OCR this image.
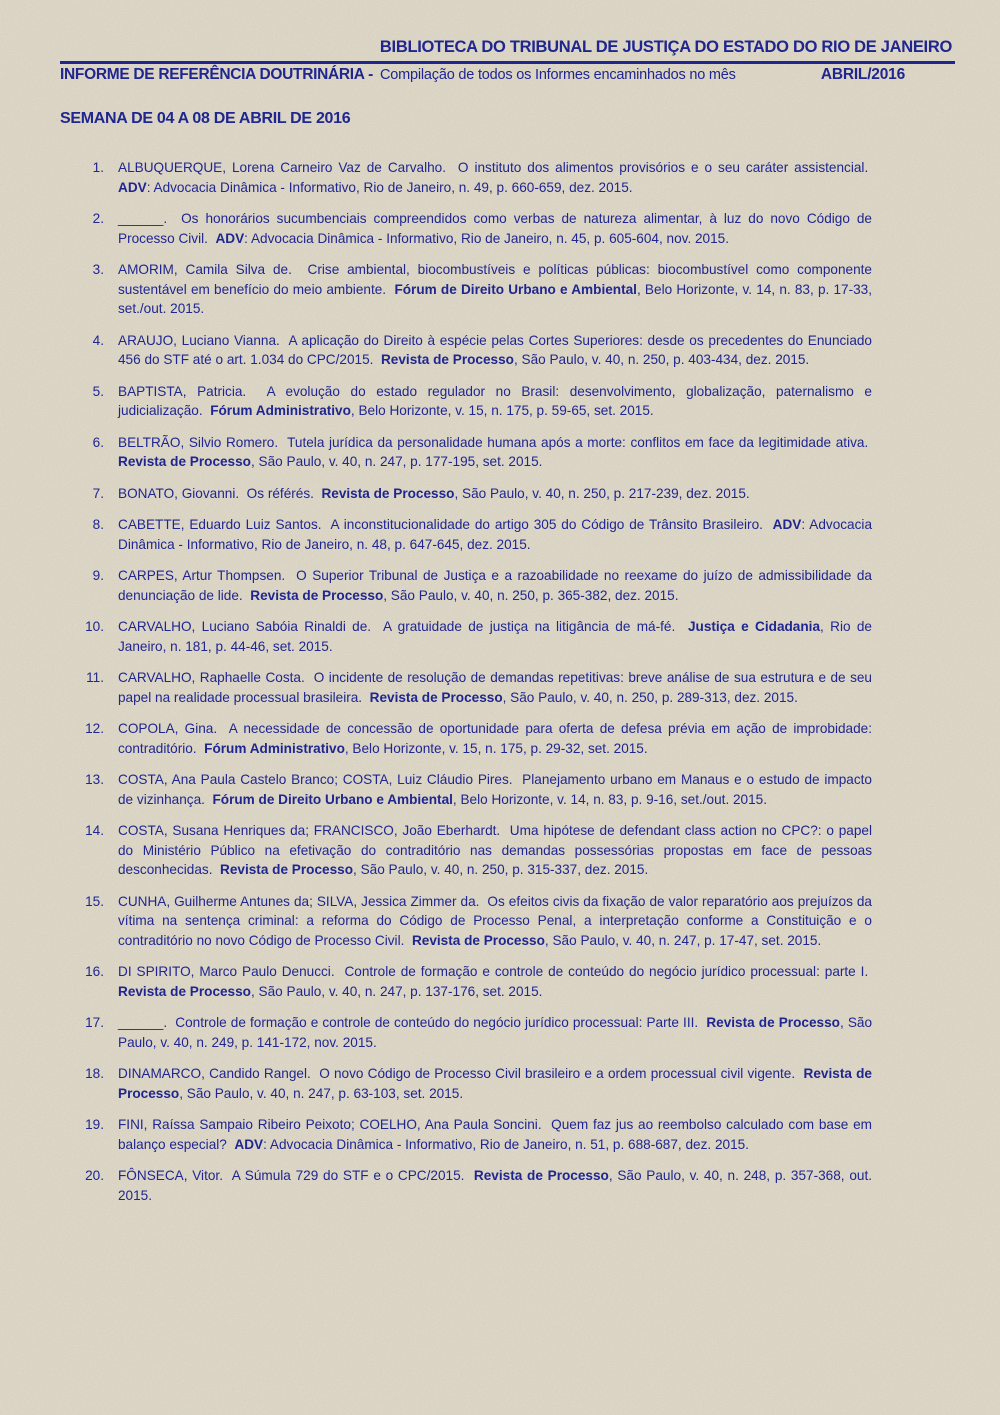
BIBLIOTECA DO TRIBUNAL DE JUSTIÇA DO ESTADO DO RIO DE JANEIRO
INFORME DE REFERÊNCIA DOUTRINÁRIA - Compilação de todos os Informes encaminhados no mês	ABRIL/2016
SEMANA DE 04 A 08 DE ABRIL DE 2016
1. ALBUQUERQUE, Lorena Carneiro Vaz de Carvalho.  O instituto dos alimentos provisórios e o seu caráter assistencial.  ADV: Advocacia Dinâmica - Informativo, Rio de Janeiro, n. 49, p. 660-659, dez. 2015.

2. ______.  Os honorários sucumbenciais compreendidos como verbas de natureza alimentar, à luz do novo Código de Processo Civil.  ADV: Advocacia Dinâmica - Informativo, Rio de Janeiro, n. 45, p. 605-604, nov. 2015.

3. AMORIM, Camila Silva de.  Crise ambiental, biocombustíveis e políticas públicas: biocombustível como componente sustentável em benefício do meio ambiente.  Fórum de Direito Urbano e Ambiental, Belo Horizonte, v. 14, n. 83, p. 17-33, set./out. 2015.

4. ARAUJO, Luciano Vianna.  A aplicação do Direito à espécie pelas Cortes Superiores: desde os precedentes do Enunciado 456 do STF até o art. 1.034 do CPC/2015.  Revista de Processo, São Paulo, v. 40, n. 250, p. 403-434, dez. 2015.

5. BAPTISTA, Patricia.  A evolução do estado regulador no Brasil: desenvolvimento, globalização, paternalismo e judicialização.  Fórum Administrativo, Belo Horizonte, v. 15, n. 175, p. 59-65, set. 2015.

6. BELTRÃO, Silvio Romero.  Tutela jurídica da personalidade humana após a morte: conflitos em face da legitimidade ativa.  Revista de Processo, São Paulo, v. 40, n. 247, p. 177-195, set. 2015.

7. BONATO, Giovanni.  Os référés.  Revista de Processo, São Paulo, v. 40, n. 250, p. 217-239, dez. 2015.

8. CABETTE, Eduardo Luiz Santos.  A inconstitucionalidade do artigo 305 do Código de Trânsito Brasileiro.  ADV: Advocacia Dinâmica - Informativo, Rio de Janeiro, n. 48, p. 647-645, dez. 2015.

9. CARPES, Artur Thompsen.  O Superior Tribunal de Justiça e a razoabilidade no reexame do juízo de admissibilidade da denunciação de lide.  Revista de Processo, São Paulo, v. 40, n. 250, p. 365-382, dez. 2015.

10. CARVALHO, Luciano Sabóia Rinaldi de.  A gratuidade de justiça na litigância de má-fé.  Justiça e Cidadania, Rio de Janeiro, n. 181, p. 44-46, set. 2015.

11. CARVALHO, Raphaelle Costa.  O incidente de resolução de demandas repetitivas: breve análise de sua estrutura e de seu papel na realidade processual brasileira.  Revista de Processo, São Paulo, v. 40, n. 250, p. 289-313, dez. 2015.

12. COPOLA, Gina.  A necessidade de concessão de oportunidade para oferta de defesa prévia em ação de improbidade: contraditório.  Fórum Administrativo, Belo Horizonte, v. 15, n. 175, p. 29-32, set. 2015.

13. COSTA, Ana Paula Castelo Branco; COSTA, Luiz Cláudio Pires.  Planejamento urbano em Manaus e o estudo de impacto de vizinhança.  Fórum de Direito Urbano e Ambiental, Belo Horizonte, v. 14, n. 83, p. 9-16, set./out. 2015.

14. COSTA, Susana Henriques da; FRANCISCO, João Eberhardt.  Uma hipótese de defendant class action no CPC?: o papel do Ministério Público na efetivação do contraditório nas demandas possessórias propostas em face de pessoas desconhecidas.  Revista de Processo, São Paulo, v. 40, n. 250, p. 315-337, dez. 2015.

15. CUNHA, Guilherme Antunes da; SILVA, Jessica Zimmer da.  Os efeitos civis da fixação de valor reparatório aos prejuízos da vítima na sentença criminal: a reforma do Código de Processo Penal, a interpretação conforme a Constituição e o contraditório no novo Código de Processo Civil.  Revista de Processo, São Paulo, v. 40, n. 247, p. 17-47, set. 2015.

16. DI SPIRITO, Marco Paulo Denucci.  Controle de formação e controle de conteúdo do negócio jurídico processual: parte I.  Revista de Processo, São Paulo, v. 40, n. 247, p. 137-176, set. 2015.

17. ______.  Controle de formação e controle de conteúdo do negócio jurídico processual: Parte III.  Revista de Processo, São Paulo, v. 40, n. 249, p. 141-172, nov. 2015.

18. DINAMARCO, Candido Rangel.  O novo Código de Processo Civil brasileiro e a ordem processual civil vigente.  Revista de Processo, São Paulo, v. 40, n. 247, p. 63-103, set. 2015.

19. FINI, Raíssa Sampaio Ribeiro Peixoto; COELHO, Ana Paula Soncini.  Quem faz jus ao reembolso calculado com base em balanço especial?  ADV: Advocacia Dinâmica - Informativo, Rio de Janeiro, n. 51, p. 688-687, dez. 2015.

20. FÔNSECA, Vitor.  A Súmula 729 do STF e o CPC/2015.  Revista de Processo, São Paulo, v. 40, n. 248, p. 357-368, out. 2015.
